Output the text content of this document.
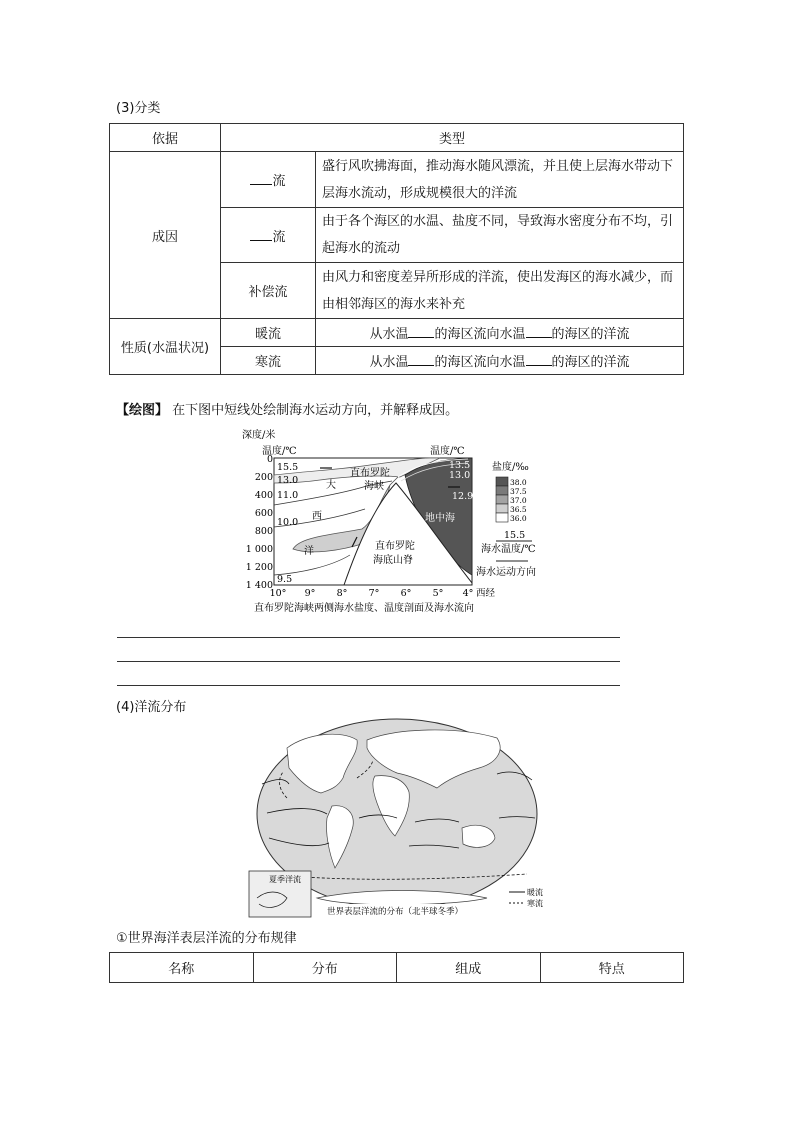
(3)分类
依据	类型	
成因	流	盛行风吹拂海面，推动海水随风漂流，并且使上层海水带动下层海水流动，形成规模很大的洋流
	流	由于各个海区的水温、盐度不同，导致海水密度分布不均，引起海水的流动
	补偿流	由风力和密度差异所形成的洋流，使出发海区的海水减少，而由相邻海区的海水来补充
性质(水温状况)	暖流	从水温 的海区流向水温 的海区的洋流
	寒流	从水温 的海区流向水温 的海区的洋流
【绘图】 在下图中短线处绘制海水运动方向，并解释成因。
深度/米
温度/℃	温度/℃
0
200
400
600
800
1 000
1 200
1 400
10° 9° 8° 7° 6° 5° 4° 西经
15.5
13.0
11.0
10.0
9.5
13.5
13.0
12.9
大
西
洋
直布罗陀
海峡
直布罗陀
海底山脊
地中海
盐度/‰
38.0
37.5
37.0
36.5
36.0
15.5
海水温度/℃
海水运动方向
直布罗陀海峡两侧海水盐度、温度剖面及海水流向
(4)洋流分布
夏季洋流
暖流
寒流
世界表层洋流的分布（北半球冬季）
①世界海洋表层洋流的分布规律
名称	分布	组成	特点
